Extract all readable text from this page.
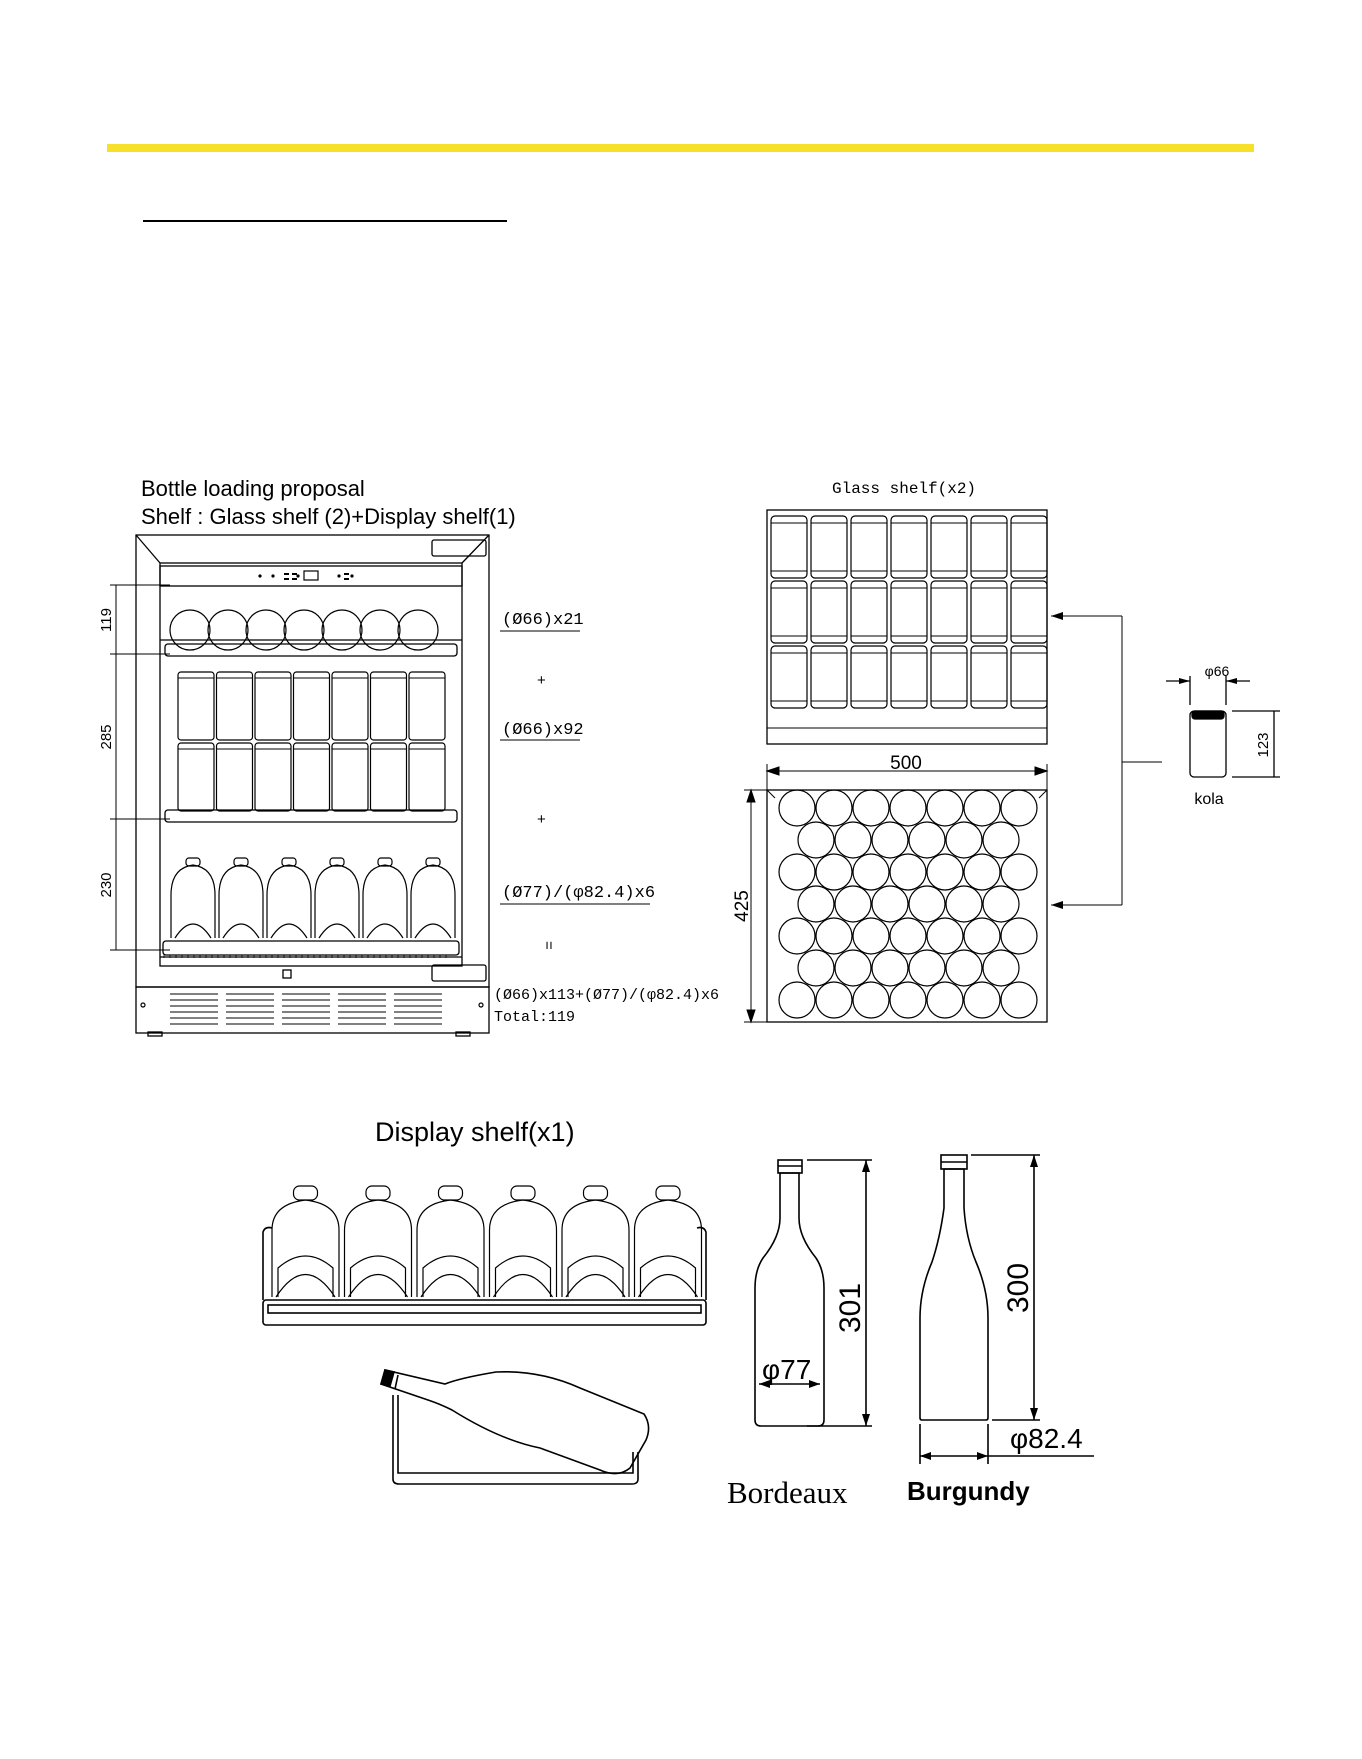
Bottle loading proposal
Shelf : Glass shelf (2)+Display shelf(1)
Glass shelf(x2)
Display shelf(x1)
Bordeaux Burgundy
119
285
230
(Ø66)x21
(Ø66)x92
(Ø77)/(φ82.4)x6
+
+
=
(Ø66)x113+(Ø77)/(φ82.4)x6
Total:119
500
425
φ66
123
kola
301
φ77
300
φ82.4
